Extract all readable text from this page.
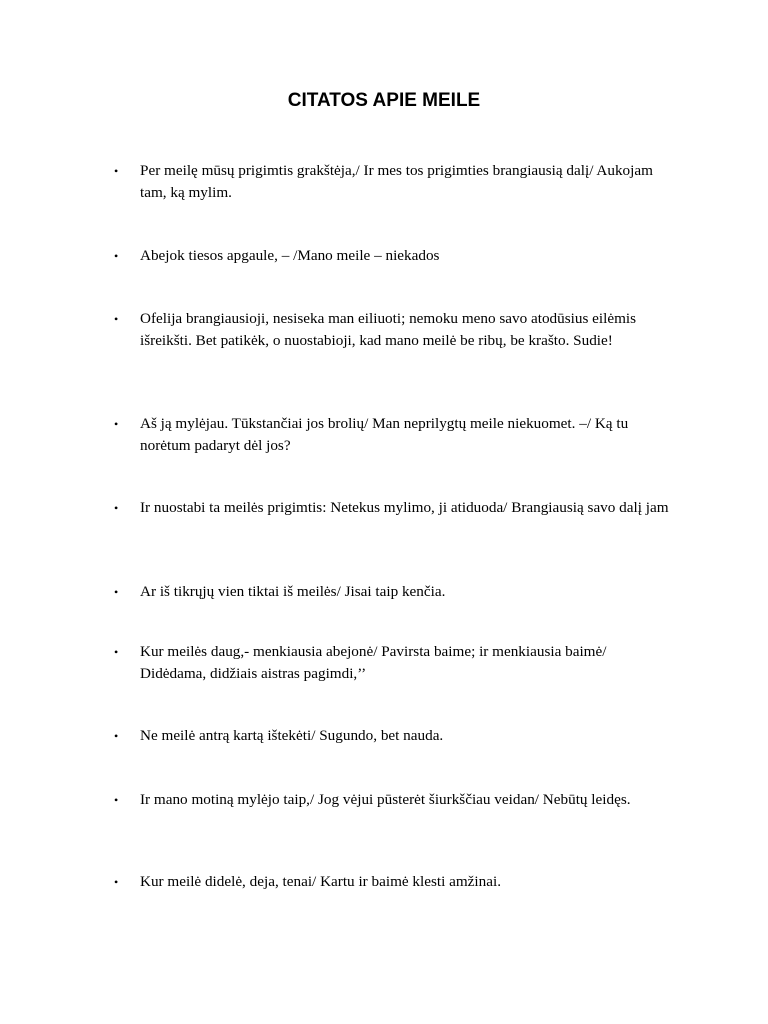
CITATOS APIE MEILE
•	Per meilę mūsų prigimtis grakštėja,/ Ir mes tos prigimties brangiausią dalį/ Aukojam tam, ką mylim.
•	Abejok tiesos apgaule, – /Mano meile – niekados
•	Ofelija brangiausioji, nesiseka man eiliuoti; nemoku meno savo atodūsius eilėmis išreikšti. Bet patikėk, o nuostabioji, kad mano meilė be ribų, be krašto. Sudie!
•	Aš ją mylėjau. Tūkstančiai jos brolių/ Man neprilygtų meile niekuomet. –/ Ką tu norėtum padaryt dėl jos?
•	Ir nuostabi ta meilės prigimtis: Netekus mylimo, ji atiduoda/ Brangiausią savo dalį jam
•	Ar iš tikrųjų vien tiktai iš meilės/ Jisai taip kenčia.
•	Kur meilės daug,- menkiausia abejonė/ Pavirsta baime; ir menkiausia baimė/ Didėdama, didžiais aistras pagimdi,’’
•	Ne meilė antrą kartą ištekėti/ Sugundo, bet nauda.
•	Ir mano motiną mylėjo taip,/ Jog vėjui pūsterėt šiurkščiau veidan/ Nebūtų leidęs.
•	Kur meilė didelė, deja, tenai/ Kartu ir baimė klesti amžinai.
